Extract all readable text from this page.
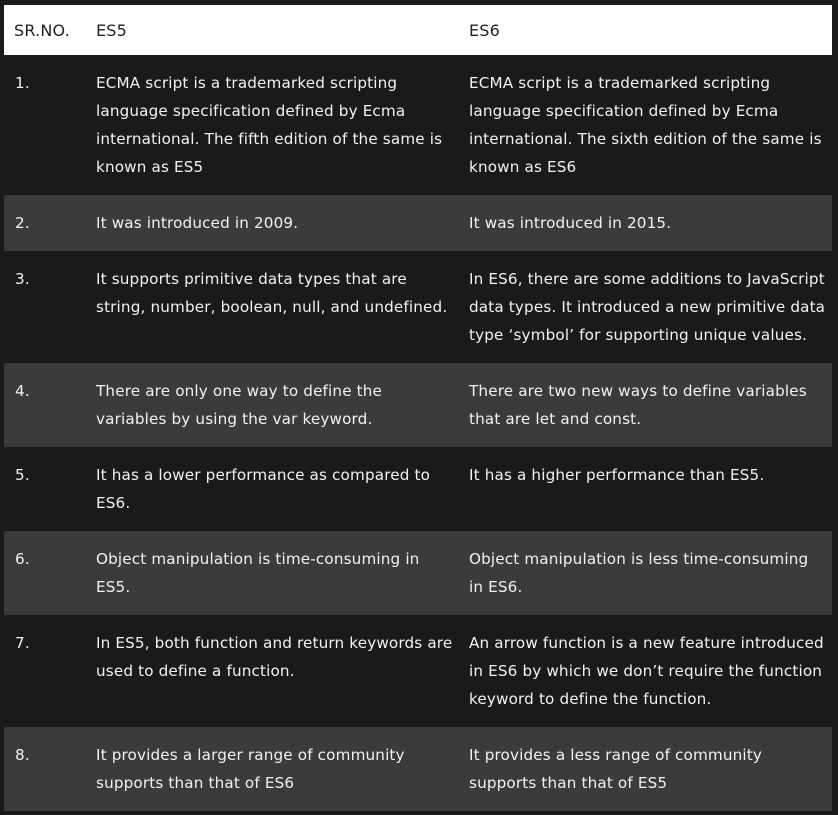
SR.NO.	ES5	ES6
1.	ECMA script is a trademarked scripting language specification defined by Ecma international. The fifth edition of the same is known as ES5	ECMA script is a trademarked scripting language specification defined by Ecma international. The sixth edition of the same is known as ES6
2.	It was introduced in 2009.	It was introduced in 2015.
3.	It supports primitive data types that are string, number, boolean, null, and undefined.	In ES6, there are some additions to JavaScript data types. It introduced a new primitive data type ‘symbol’ for supporting unique values.
4.	There are only one way to define the variables by using the var keyword.	There are two new ways to define variables that are let and const.
5.	It has a lower performance as compared to ES6.	It has a higher performance than ES5.
6.	Object manipulation is time-consuming in ES5.	Object manipulation is less time-consuming in ES6.
7.	In ES5, both function and return keywords are used to define a function.	An arrow function is a new feature introduced in ES6 by which we don’t require the function keyword to define the function.
8.	It provides a larger range of community supports than that of ES6	It provides a less range of community supports than that of ES5
